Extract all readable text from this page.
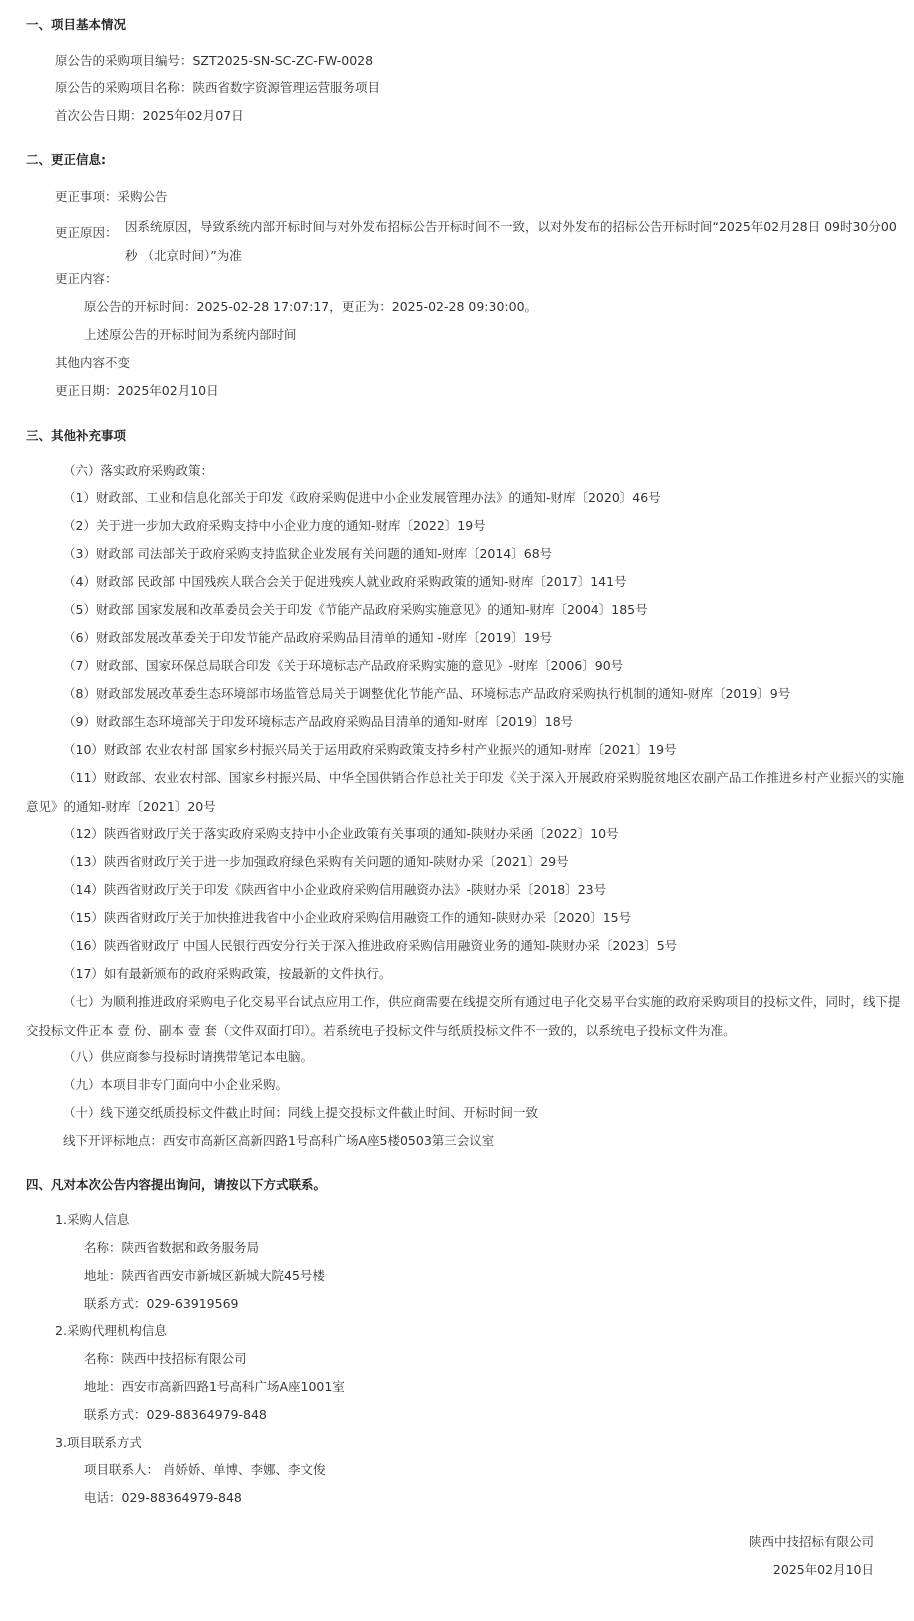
一、项目基本情况
原公告的采购项目编号：SZT2025-SN-SC-ZC-FW-0028
原公告的采购项目名称：陕西省数字资源管理运营服务项目
首次公告日期：2025年02月07日
二、更正信息:
更正事项：采购公告
更正原因： 因系统原因，导致系统内部开标时间与对外发布招标公告开标时间不一致，以对外发布的招标公告开标时间“2025年02月28日 09时30分00秒 （北京时间）”为准
更正内容：
原公告的开标时间：2025-02-28 17:07:17，更正为：2025-02-28 09:30:00。
上述原公告的开标时间为系统内部时间
其他内容不变
更正日期：2025年02月10日
三、其他补充事项
（六）落实政府采购政策：
（1）财政部、工业和信息化部关于印发《政府采购促进中小企业发展管理办法》的通知-财库〔2020〕46号
（2）关于进一步加大政府采购支持中小企业力度的通知-财库〔2022〕19号
（3）财政部 司法部关于政府采购支持监狱企业发展有关问题的通知-财库〔2014〕68号
（4）财政部 民政部 中国残疾人联合会关于促进残疾人就业政府采购政策的通知-财库〔2017〕141号
（5）财政部 国家发展和改革委员会关于印发《节能产品政府采购实施意见》的通知-财库〔2004〕185号
（6）财政部发展改革委关于印发节能产品政府采购品目清单的通知 -财库〔2019〕19号
（7）财政部、国家环保总局联合印发《关于环境标志产品政府采购实施的意见》-财库〔2006〕90号
（8）财政部发展改革委生态环境部市场监管总局关于调整优化节能产品、环境标志产品政府采购执行机制的通知-财库〔2019〕9号
（9）财政部生态环境部关于印发环境标志产品政府采购品目清单的通知-财库〔2019〕18号
（10）财政部 农业农村部 国家乡村振兴局关于运用政府采购政策支持乡村产业振兴的通知-财库〔2021〕19号
（11）财政部、农业农村部、国家乡村振兴局、中华全国供销合作总社关于印发《关于深入开展政府采购脱贫地区农副产品工作推进乡村产业振兴的实施意见》的通知-财库〔2021〕20号
（12）陕西省财政厅关于落实政府采购支持中小企业政策有关事项的通知-陕财办采函〔2022〕10号
（13）陕西省财政厅关于进一步加强政府绿色采购有关问题的通知-陕财办采〔2021〕29号
（14）陕西省财政厅关于印发《陕西省中小企业政府采购信用融资办法》-陕财办采〔2018〕23号
（15）陕西省财政厅关于加快推进我省中小企业政府采购信用融资工作的通知-陕财办采〔2020〕15号
（16）陕西省财政厅 中国人民银行西安分行关于深入推进政府采购信用融资业务的通知-陕财办采〔2023〕5号
（17）如有最新颁布的政府采购政策，按最新的文件执行。
（七）为顺利推进政府采购电子化交易平台试点应用工作，供应商需要在线提交所有通过电子化交易平台实施的政府采购项目的投标文件，同时，线下提交投标文件正本 壹 份、副本 壹 套（文件双面打印）。若系统电子投标文件与纸质投标文件不一致的，以系统电子投标文件为准。
（八）供应商参与投标时请携带笔记本电脑。
（九）本项目非专门面向中小企业采购。
（十）线下递交纸质投标文件截止时间：同线上提交投标文件截止时间、开标时间一致
线下开评标地点：西安市高新区高新四路1号高科广场A座5楼0503第三会议室
四、凡对本次公告内容提出询问，请按以下方式联系。
1.采购人信息
名称：陕西省数据和政务服务局
地址：陕西省西安市新城区新城大院45号楼
联系方式：029-63919569
2.采购代理机构信息
名称：陕西中技招标有限公司
地址：西安市高新四路1号高科广场A座1001室
联系方式：029-88364979-848
3.项目联系方式
项目联系人： 肖娇娇、单博、李娜、李文俊
电话：029-88364979-848
陕西中技招标有限公司
2025年02月10日
